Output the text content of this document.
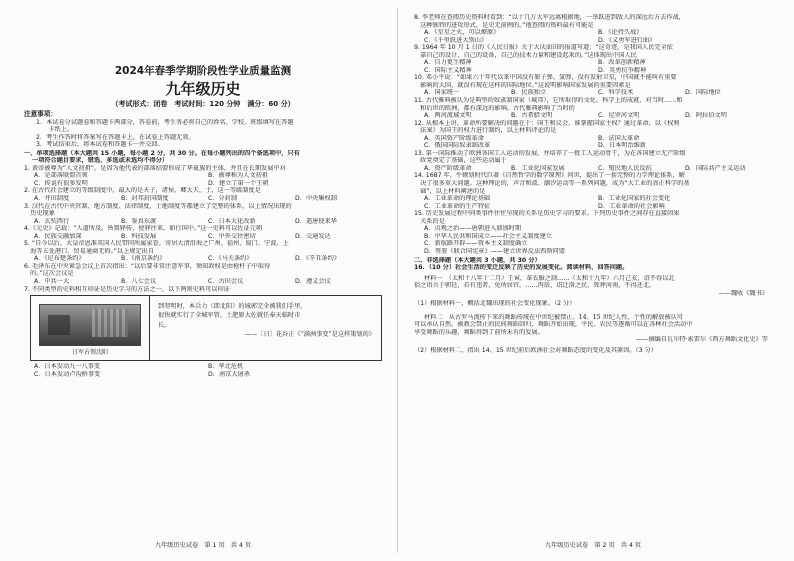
2024年春季学期阶段性学业质量监测
九年级历史
（考试形式：闭卷　考试时间：120 分钟　满分：60 分）
注意事项：
1．本试卷分试题卷和答题卡两部分，答卷前，考生务必将自己的姓名、学校、班级填写在答题
　　卡纸上。
2．考生作答时将答案写在答题卡上，在试卷上答题无效。
3．考试结束后，将本试卷和答题卡一并交回。
一、单项选择题（本大题共 15 小题，每小题 2 分，共 30 分。在每小题列出的四个备选项中，只有
一项符合题目要求，错选、多选或未选均不得分）
1. 黄帝被尊为“人文初祖”，是因为他代表的部落结盟形成了华夏族的主体，并且在长期发展中对
A．是部落联盟首领	B．被尊称为人文初祖
C．传说有很多发明	D．建立了第一个王朝
2. 在古代社会建立的等级制度中，最大的是天子，诸侯、卿大夫、士，这一等级制度是
A．井田制度	B．封邦封国制度	C．分封制	D．中央集权制
3. 汉代在古代中央官制、地方制度、法律制度、土地制度等都建立了完整的体系，以上情况出现的
　历史现象
A．玄奘西行	B．鉴真东渡	C．日本大化改新	D．遣唐使来华
4.《元史》记载：“人道所及，皆置驿传，使驿往来，如行国中。”这一史料可以佐证元朝
A．民族交融加深	B．科技发展	C．中外交往密切	D．交通发达
5. “自今以后，大皇帝恩准英国人民带同所属家眷，寄居大清沿海之广州、福州、厦门、宁波、上
　海等五处港口，贸易通商无碍。”以上规定出自
A．《尼布楚条约》	B．《南京条约》	C．《马关条约》	D．《辛丑条约》
6. 毛泽东在中央紧急会议上首次指出：“以后要非常注意军事，须知政权是由枪杆子中取得
　的。”这次会议是
A．中共一大	B．八七会议	C．古田会议	D．遵义会议
7. 不同类型的史料相互印证是历史学习的方法之一，以下两则史料可以印证
日军占领沈阳
到翌明时，本兵力（即北阳）的城郭完全被我们手里，
很快就实行了全城军管，土肥原大佐就任奉天临时市
长。
——〔日〕花谷正《“满洲事变”是这样策划的》
A．日本发动九一八事变	B．华北危机
C．日本发动卢沟桥事变	D．南京大屠杀
8. 李老师在查阅历史资料时看到：“以十几万大军远离根据地，一举跃进到敌人的深远后方去作战，
　这种独特的进攻形式，是史无前例的。”他查阅的资料最有可能是
A．《星星之火，可以燎原》	B．《论持久战》
C．《千里跃进大别山》	D．《义勇军进行曲》
9. 1964 年 10 月 1 日的《人民日报》关于大庆油田的报道写道：“这奇迹，是我国人民完全依
　靠自己的设计，自己的设备，自己的技术力量和建设起来的。”这体现出中国人民
A．自力更生精神	B．改革创新精神
C．国际主义精神	D．英勇抗争精神
10. 邓小平说：“如果六十年代以来中国没有原子弹、氢弹，没有发射卫星，中国就不能叫有重要
　影响的大国，就没有现在这样的国际地位。”这说明影响国家发展的重要因素是
A．国家统一	B．民族独立	C．科学技术	D．国际地位
11. 古代雅典被认为是典型的奴隶制国家（城邦），它所取得的文化、科学上的成就，对当时……和
　和后世的欧洲，都有深远的影响。古代雅典影响了当时的
A．两河流域文明	B．古希腊文明	C．尼罗河文明	D．阿拉伯文明
12. 从根本上讲，革命所要解决的问题在于：国王和议会，谁掌握国家主权？通过革命，以《权利
　法案》为国王的权力进行制约，以上材料评论的是
A．英国资产阶级革命	B．法国大革命
C．俄国国际奴隶制改革	D．日本明治维新
13. 第一国际推动了欧洲各国工人运动的发展，并培养了一批工人运动骨干，为在各国建立无产阶级
　政党奠定了基础，这些运动属于
A．资产阶级革命	B．工业化国家发展	C．殖民地人民反抗	D．国际共产主义运动
14. 1687 年，牛顿划时代巨著《自然哲学的数学原理》问世，提出了一套完整的力学理论体系，解
　决了很多重大问题。这种理论的，声音和波、潮汐运动等一系列问题，成为“大工业的真正科学的基
　础”，以上材料阐述的是
A．工业革命的理论基础	B．工业化国家的社会变化
C．工业革命的生产特征	D．工业革命的社会影响
15. 历史发展过程中同类事件往往呈现的关系是历史学习的要求。下列历史事件之间存在直接因果
　关系的是
A．贞观之治——唐朝进入鼎盛时期
B．中华人民共和国成立——社会主义制度建立
C．新航路开辟——资本主义制度确立
D．签署《联合国宪章》——建立世界反法西斯同盟
二、非选择题（本大题共 3 小题，共 30 分）
16．（10 分）社会生活的变迁反映了历史的发展变化。阅读材料，回答问题。
材料一　（太和十八年十二月）壬寅，革衣服之制……（太和十九年）六月己亥，诏不得以北
俗之语言于朝廷，若有违者，免所居官。……丙辰，诏迁洛之民，死葬河南，不得还北。
——魏收《魏书》
（1）根据材料一，概括北魏出现的社会变化现象。（2 分）
材料二　从古罗马流传下来的舞蹈传统在中世纪被禁止。14、15 世纪人性、个性的解放被认可
可以承认自然，被教会禁止的民间舞蹈回归，舞蹈开始出现，平民、农民等逐渐可以在各种社会活动中
享受舞蹈的乐趣，舞蹈得到了前所未有的发展。
——摘编自瓦尔特·索雷尔《西方舞蹈文化史》等
（2）根据材料二，指出 14、15 世纪前后欧洲社会对舞蹈态度的变化及其原因。（3 分）
九年级历史试卷　第 1 页　共 4 页	九年级历史试卷　第 2 页　共 4 页
